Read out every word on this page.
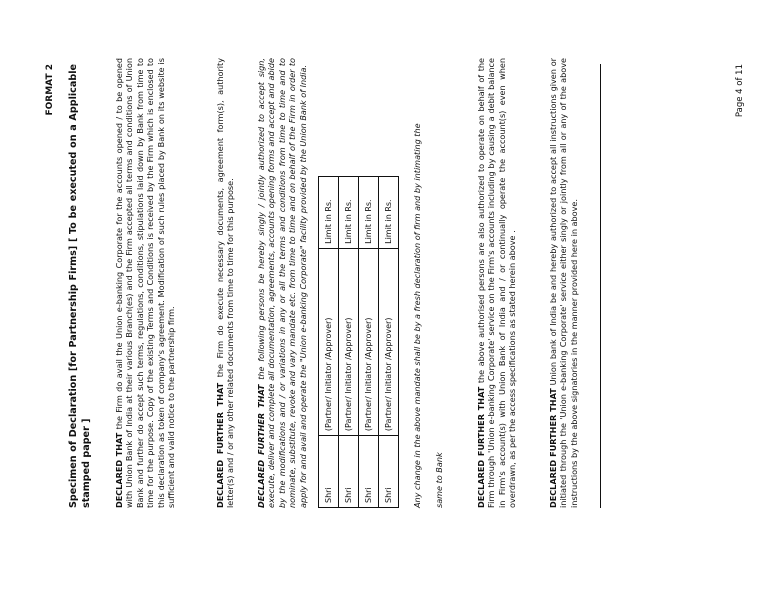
FORMAT 2 Specimen of Declaration [for Partnership Firms] [ To be executed on a Applicable stamped paper ]	DECLARED THAT the Firm do avail the Union e-banking Corporate for the accounts opened / to be opened with Union Bank of India at their various Branch(es) and the Firm accepted all terms and conditions of Union Bank and further do accept such terms, regulations, conditions, stipulations laid down by Bank from time to time for the purpose. Copy of the existing Terms and Conditions is received by the Firm which is enclosed to this declaration as token of company's agreement. Modification of such rules placed by Bank on its website is sufficient and valid notice to the partnership firm.	DECLARED FURTHER THAT the Firm do execute necessary documents, agreement form(s), authority letter(s) and / or any other related documents from time to time for this purpose.	DECLARED FURTHER THAT the following persons be hereby singly / jointly authorized to accept sign, execute, deliver and complete all documentation, agreements, accounts opening forms and accept and abide by the modifications and / or variations in any or all the terms and conditions from time to time and to nominate, substitute, revoke and vary mandate etc. from time to time and on behalf of the Firm in order to apply for and avail and operate the "Union e-banking Corporate" facility provided by the Union Bank of India. Shri	(Partner/ Initiator /Approver)	Limit in Rs.
Shri	(Partner/ Initiator /Approver)	Limit in Rs.
Shri	(Partner/ Initiator /Approver)	Limit in Rs.
Shri	(Partner/ Initiator /Approver)	Limit in Rs. Any change in the above mandate shall be by a fresh declaration of firm and by intimating the same to Bank	DECLARED FURTHER THAT the above authorised persons are also authorized to operate on behalf of the Firm through 'Union e-banking Corporate' service on the Firm's accounts including by causing a debit balance in Firm's account(s) with Union Bank of India and / or continually operate the account(s) even when overdrawn, as per the access specifications as stated herein above .	DECLARED FURTHER THAT Union bank of India be and hereby authorized to accept all instructions given or initiated through the 'Union e-banking Corporate' service either singly or jointly from all or any of the above instructions by the above signatories in the manner provided here in above.
Page 4 of 11
